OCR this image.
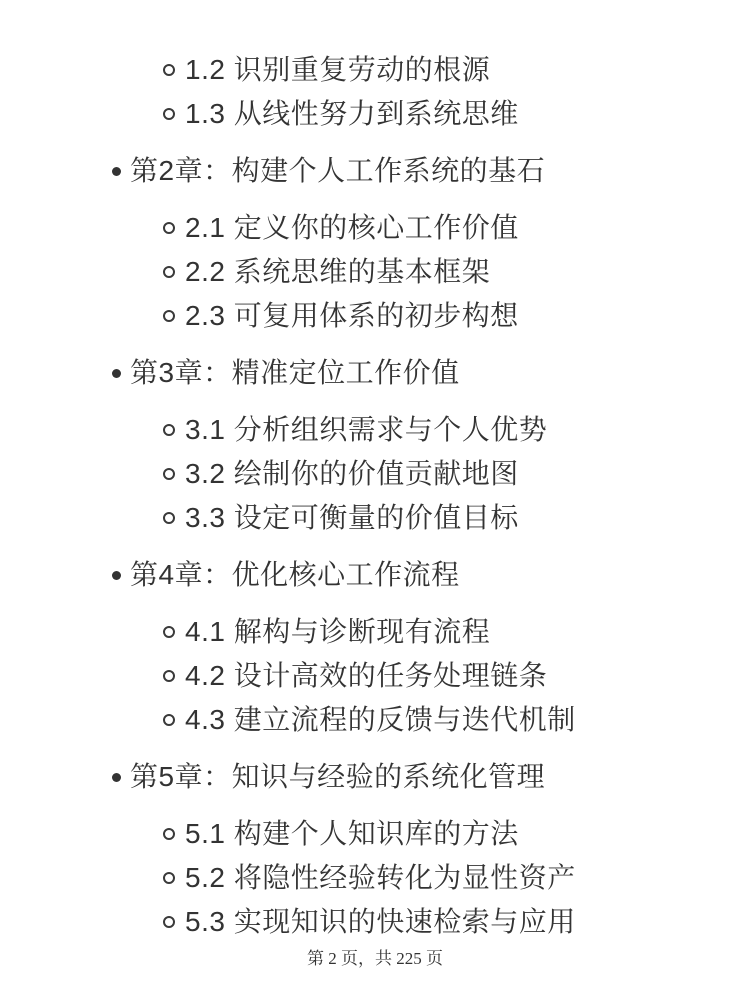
1.2 识别重复劳动的根源
1.3 从线性努力到系统思维
第2章：构建个人工作系统的基石
2.1 定义你的核心工作价值
2.2 系统思维的基本框架
2.3 可复用体系的初步构想
第3章：精准定位工作价值
3.1 分析组织需求与个人优势
3.2 绘制你的价值贡献地图
3.3 设定可衡量的价值目标
第4章：优化核心工作流程
4.1 解构与诊断现有流程
4.2 设计高效的任务处理链条
4.3 建立流程的反馈与迭代机制
第5章：知识与经验的系统化管理
5.1 构建个人知识库的方法
5.2 将隐性经验转化为显性资产
5.3 实现知识的快速检索与应用
第 2 页，共 225 页
